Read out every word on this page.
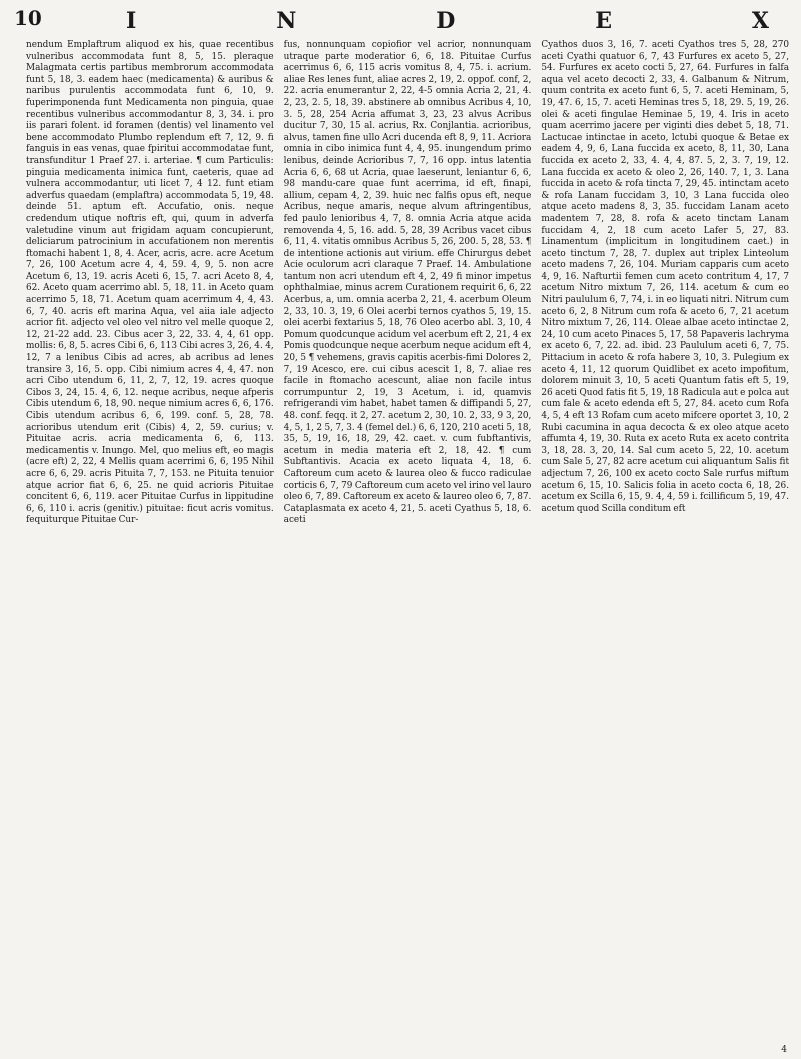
10	I	N	D	E	X

nendum Emplaftrum aliquod ex his, quae recentibus vulneribus accommodata funt 8, 5, 15. pleraque Malagmata certis partibus membrorum accommodata funt 5, 18, 3. eadem haec (medicamenta) & auribus & naribus purulentis accommodata funt 6, 10, 9. fuperimponenda funt Medicamenta non pinguia, quae recentibus vulneribus accommodantur 8, 3, 34. i. pro iis parari folent. id foramen (dentis) vel linamento vel bene accommodato Plumbo replendum eft 7, 12, 9. fi fanguis in eas venas, quae fpiritui accommodatae funt, transfunditur 1 Praef 27. i. arteriae. ¶ cum Particulis: pinguia medicamenta inimica funt, caeteris, quae ad vulnera accommodantur, uti licet 7, 4 12. funt etiam adverfus quaedam (emplaftra) accommodata 5, 19, 48. deinde 51. aptum eft. Accufatio, onis. neque credendum utique noftris eft, qui, quum in adverfa valetudine vinum aut frigidam aquam concupierunt, deliciarum patrocinium in accufationem non merentis ftomachi habent 1, 8, 4. Acer, acris, acre. acre Acetum 7, 26, 100 Acetum acre 4, 4, 59. 4, 9, 5. non acre Acetum 6, 13, 19. acris Aceti 6, 15, 7. acri Aceto 8, 4, 62. Aceto quam acerrimo abl. 5, 18, 11. in Aceto quam acerrimo 5, 18, 71. Acetum quam acerrimum 4, 4, 43. 6, 7, 40. acris eft marina Aqua, vel aiia iale adjecto acrior fit. adjecto vel oleo vel nitro vel melle quoque 2, 12, 21-22 add. 23. Cibus acer 3, 22, 33. 4, 4, 61 opp. mollis: 6, 8, 5. acres Cibi 6, 6, 113 Cibi acres 3, 26, 4. 4, 12, 7 a lenibus Cibis ad acres, ab acribus ad lenes transire 3, 16, 5. opp. Cibi nimium acres 4, 4, 47. non acri Cibo utendum 6, 11, 2, 7, 12, 19. acres quoque Cibos 3, 24, 15. 4, 6, 12. neque acribus, neque afperis Cibis utendum 6, 18, 90. neque nimium acres 6, 6, 176. Cibis utendum acribus 6, 6, 199. conf. 5, 28, 78. acrioribus utendum erit (Cibis) 4, 2, 59. curius; v. Pituitae acris. acria medicamenta 6, 6, 113. medicamentis v. Inungo. Mel, quo melius eft, eo magis (acre eft) 2, 22, 4 Mellis quam acerrimi 6, 6, 195 Nihil acre 6, 6, 29. acris Pituita 7, 7, 153. ne Pituita tenuior atque acrior fiat 6, 6, 25. ne quid acrioris Pituitae concitent 6, 6, 119. acer Pituitae Curfus in lippitudine 6, 6, 110 i. acris (genitiv.) pituitae: ficut acris vomitus. fequiturque Pituitae Cur-

fus, nonnunquam copiofior vel acrior, nonnunquam utraque parte moderatior 6, 6, 18. Pituitae Curfus acerrimus 6, 6, 115 acris vomitus 8, 4, 75. i. acrium. aliae Res lenes funt, aliae acres 2, 19, 2. oppof. conf, 2, 22. acria enumerantur 2, 22, 4-5 omnia Acria 2, 21, 4. 2, 23, 2. 5, 18, 39. abstinere ab omnibus Acribus 4, 10, 3. 5, 28, 254 Acria affumat 3, 23, 23 alvus Acribus ducitur 7, 30, 15 al. acrius, Rx. Conjlantia. acrioribus, alvus, tamen fine ullo Acri ducenda eft 8, 9, 11. Acriora omnia in cibo inimica funt 4, 4, 95. inungendum primo lenibus, deinde Acrioribus 7, 7, 16 opp. intus latentia Acria 6, 6, 68 ut Acria, quae laeserunt, leniantur 6, 6, 98 mandu-care quae funt acerrima, id eft, finapi, allium, cepam 4, 2, 39. huic nec falfis opus eft, neque Acribus, neque amaris, neque alvum aftringentibus, fed paulo lenioribus 4, 7, 8. omnia Acria atque acida removenda 4, 5, 16. add. 5, 28, 39 Acribus vacet cibus 6, 11, 4. vitatis omnibus Acribus 5, 26, 200. 5, 28, 53. ¶ de intentione actionis aut virium. effe Chirurgus debet Acie oculorum acri claraque 7 Praef. 14. Ambulatione tantum non acri utendum eft 4, 2, 49 fi minor impetus ophthalmiae, minus acrem Curationem requirit 6, 6, 22 Acerbus, a, um. omnia acerba 2, 21, 4. acerbum Oleum 2, 33, 10. 3, 19, 6 Olei acerbi ternos cyathos 5, 19, 15. olei acerbi fextarius 5, 18, 76 Oleo acerbo abl. 3, 10, 4 Pomum quodcunque acidum vel acerbum eft 2, 21, 4 ex Pomis quodcunque neque acerbum neque acidum eft 4, 20, 5 ¶ vehemens, gravis capitis acerbis-fimi Dolores 2, 7, 19 Acesco, ere. cui cibus acescit 1, 8, 7. aliae res facile in ftomacho acescunt, aliae non facile intus corrumpuntur 2, 19, 3 Acetum, i. id, quamvis refrigerandi vim habet, habet tamen & diffipandi 5, 27, 48. conf. feqq. it 2, 27. acetum 2, 30, 10. 2, 33, 9 3, 20, 4, 5, 1, 2 5, 7, 3. 4 (femel del.) 6, 6, 120, 210 aceti 5, 18, 35, 5, 19, 16, 18, 29, 42. caet. v. cum fubftantivis, acetum in media materia eft 2, 18, 42. ¶ cum Subftantivis. Acacia ex aceto liquata 4, 18, 6. Caftoreum cum aceto & laurea oleo & fucco radiculae corticis 6, 7, 79 Caftoreum cum aceto vel irino vel lauro oleo 6, 7, 89. Caftoreum ex aceto & laureo oleo 6, 7, 87. Cataplasmata ex aceto 4, 21, 5. aceti Cyathus 5, 18, 6. aceti

Cyathos duos 3, 16, 7. aceti Cyathos tres 5, 28, 270 aceti Cyathi quatuor 6, 7, 43 Furfures ex aceto 5, 27, 54. Furfures ex aceto cocti 5, 27, 64. Furfures in falfa aqua vel aceto decocti 2, 33, 4. Galbanum & Nitrum, quum contrita ex aceto funt 6, 5, 7. aceti Heminam, 5, 19, 47. 6, 15, 7. aceti Heminas tres 5, 18, 29. 5, 19, 26. olei & aceti fingulae Heminae 5, 19, 4. Iris in aceto quam acerrimo jacere per viginti dies debet 5, 18, 71. Lactucae intinctae in aceto, lctubi quoque & Betae ex eadem 4, 9, 6, Lana fuccida ex aceto, 8, 11, 30, Lana fuccida ex aceto 2, 33, 4. 4, 4, 87. 5, 2, 3. 7, 19, 12. Lana fuccida ex aceto & oleo 2, 26, 140. 7, 1, 3. Lana fuccida in aceto & rofa tincta 7, 29, 45. intinctam aceto & rofa Lanam fuccidam 3, 10, 3 Lana fuccida oleo atque aceto madens 8, 3, 35. fuccidam Lanam aceto madentem 7, 28, 8. rofa & aceto tinctam Lanam fuccidam 4, 2, 18 cum aceto Lafer 5, 27, 83. Linamentum (implicitum in longitudinem caet.) in aceto tinctum 7, 28, 7. duplex aut triplex Linteolum aceto madens 7, 26, 104. Muriam capparis cum aceto 4, 9, 16. Nafturtii femen cum aceto contritum 4, 17, 7 acetum Nitro mixtum 7, 26, 114. acetum & cum eo Nitri paululum 6, 7, 74, i. in eo liquati nitri. Nitrum cum aceto 6, 2, 8 Nitrum cum rofa & aceto 6, 7, 21 acetum Nitro mixtum 7, 26, 114. Oleae albae aceto intinctae 2, 24, 10 cum aceto Pinaces 5, 17, 58 Papaveris lachryma ex aceto 6, 7, 22. ad. ibid. 23 Paululum aceti 6, 7, 75. Pittacium in aceto & rofa habere 3, 10, 3. Pulegium ex aceto 4, 11, 12 quorum Quidlibet ex aceto impofitum, dolorem minuit 3, 10, 5 aceti Quantum fatis eft 5, 19, 26 aceti Quod fatis fit 5, 19, 18 Radicula aut e polca aut cum fale & aceto edenda eft 5, 27, 84. aceto cum Rofa 4, 5, 4 eft 13 Rofam cum aceto mifcere oportet 3, 10, 2 Rubi cacumina in aqua decocta & ex oleo atque aceto affumta 4, 19, 30. Ruta ex aceto Ruta ex aceto contrita 3, 18, 28. 3, 20, 14. Sal cum aceto 5, 22, 10. acetum cum Sale 5, 27, 82 acre acetum cui aliquantum Salis fit adjectum 7, 26, 100 ex aceto cocto Sale rurfus miftum acetum 6, 15, 10. Salicis folia in aceto cocta 6, 18, 26. acetum ex Scilla 6, 15, 9. 4, 4, 59 i. fcillificum 5, 19, 47. acetum quod Scilla conditum eft

4
